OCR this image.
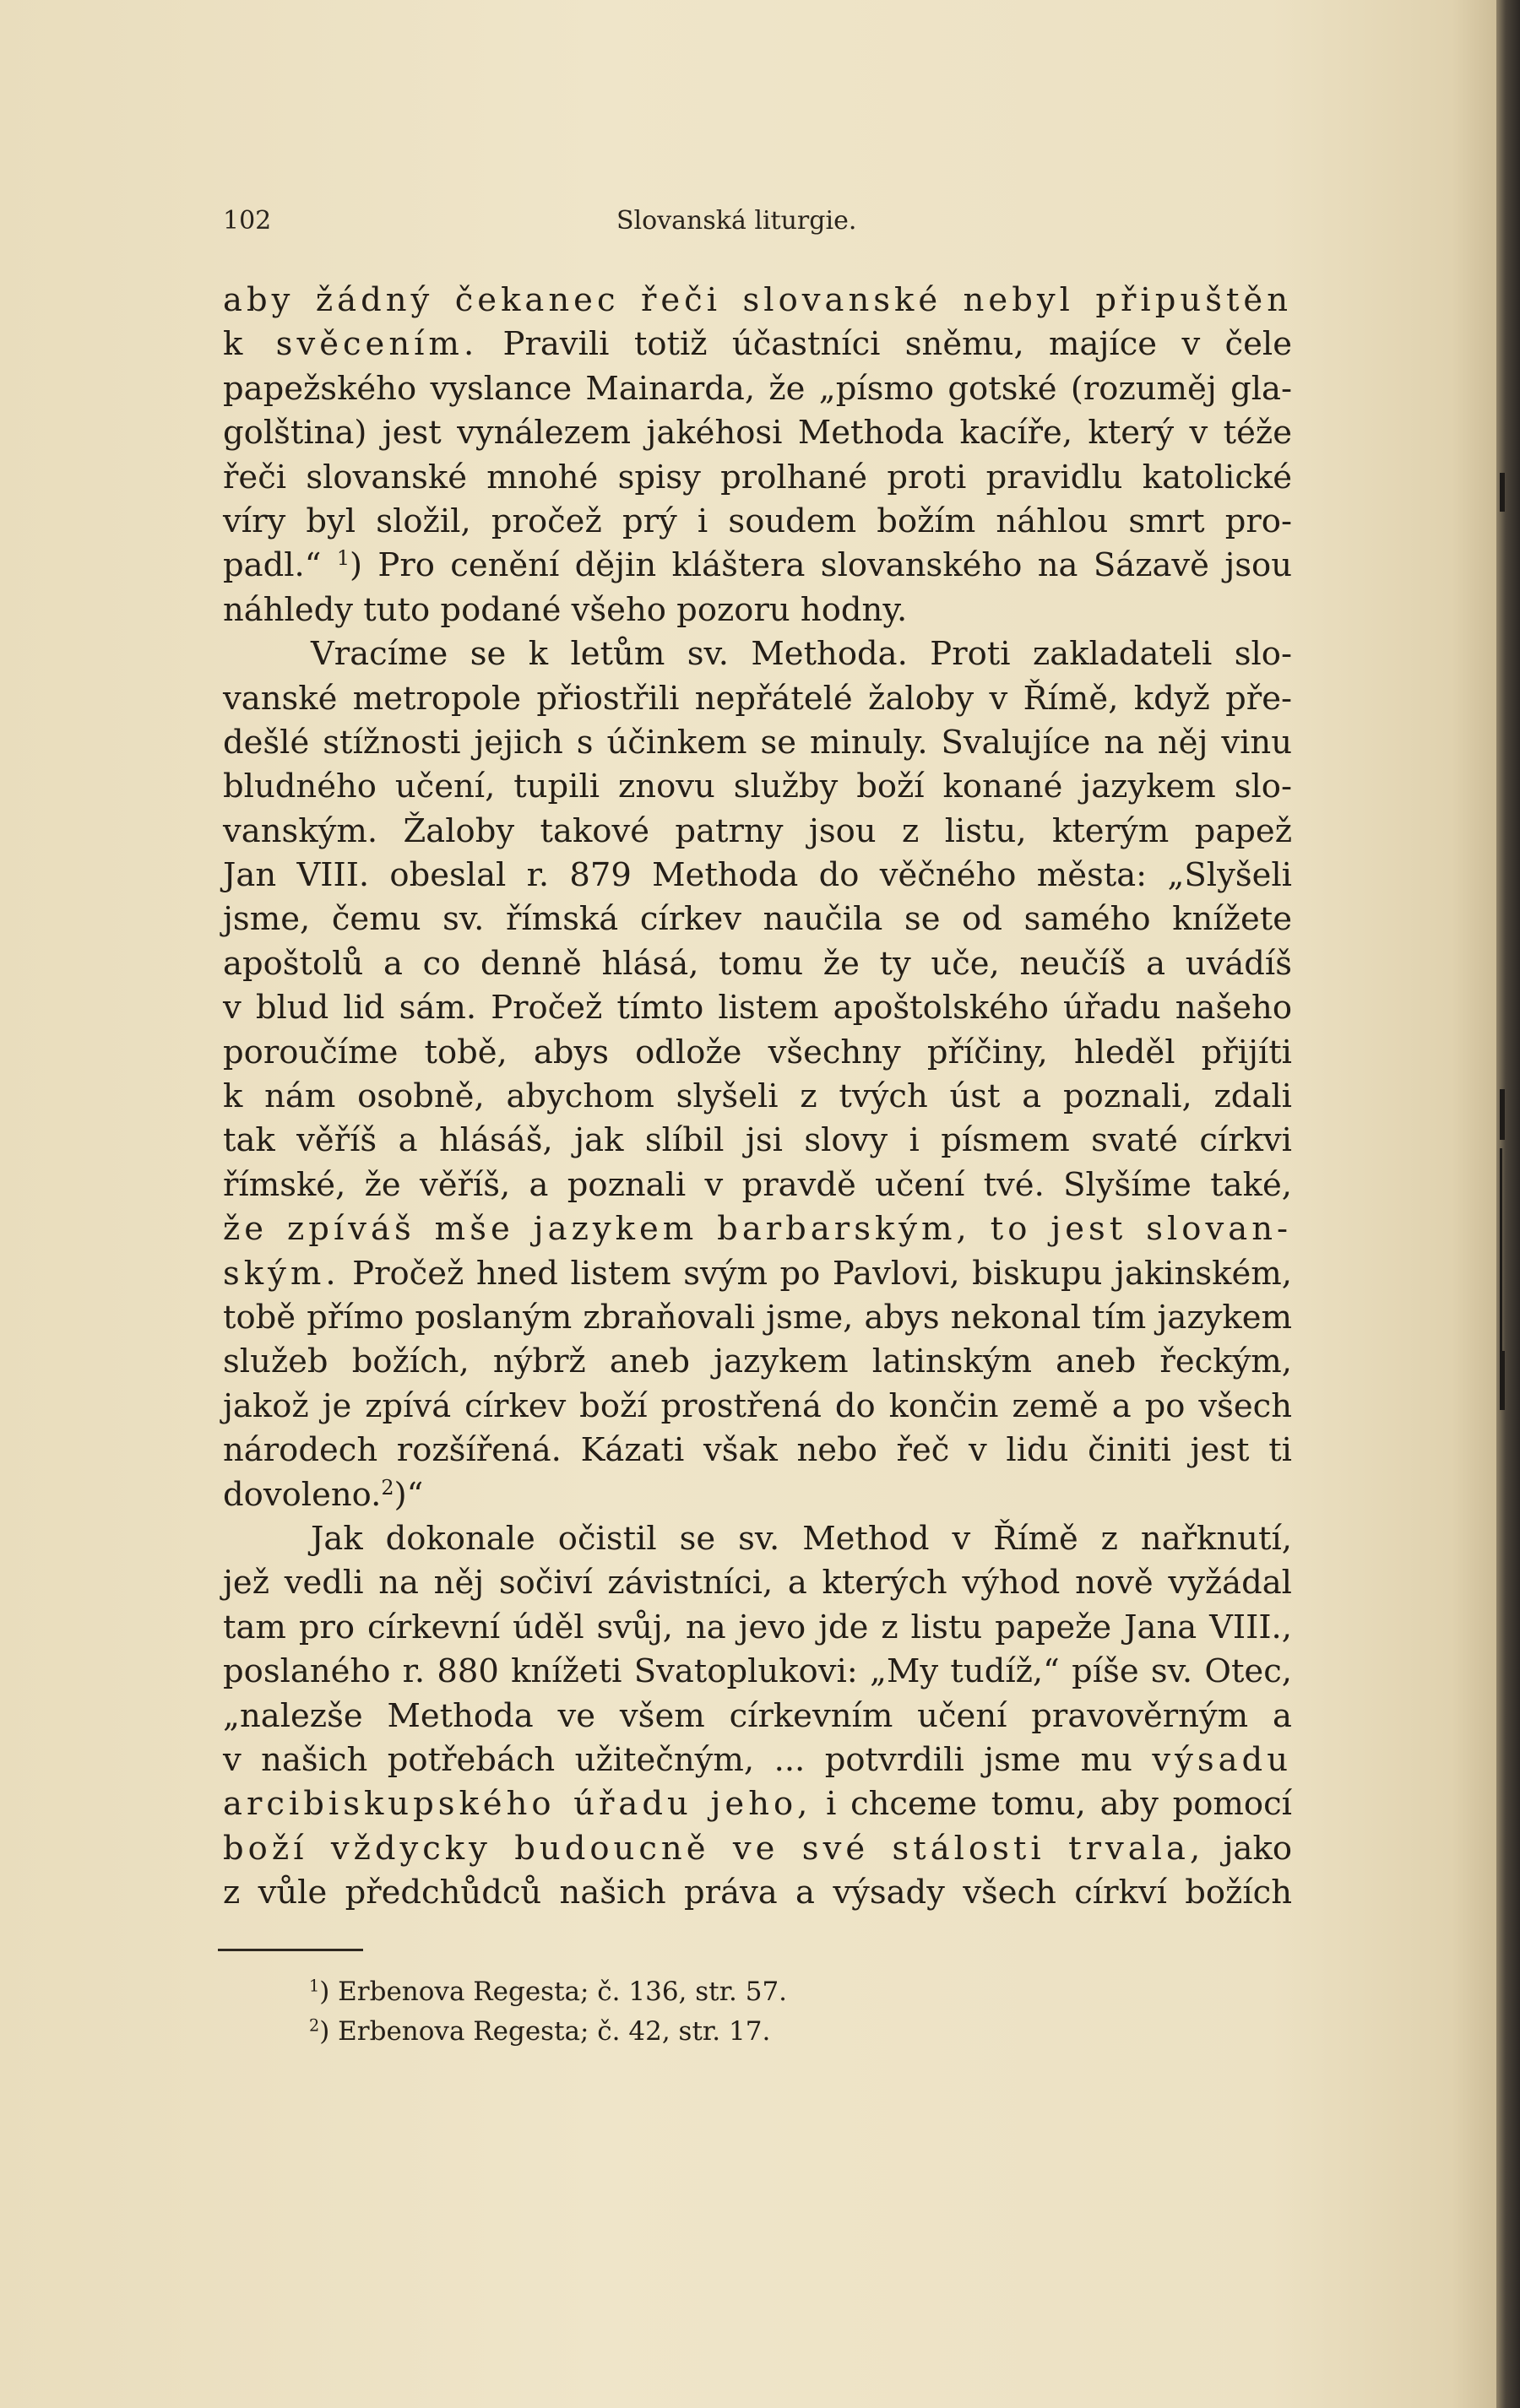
102	Slovanská liturgie.
aby žádný čekanec řeči slovanské nebyl připuštěn
k svěcením. Pravili totiž účastníci sněmu, majíce v čele
papežského vyslance Mainarda, že „písmo gotské (rozuměj gla-
golština) jest vynálezem jakéhosi Methoda kacíře, který v téže
řeči slovanské mnohé spisy prolhané proti pravidlu katolické
víry byl složil, pročež prý i soudem božím náhlou smrt pro-
padl.“ $^1$) Pro cenění dějin kláštera slovanského na Sázavě jsou
náhledy tuto podané všeho pozoru hodny.
Vracíme se k letům sv. Methoda. Proti zakladateli slo-
vanské metropole přiostřili nepřátelé žaloby v Římě, když pře-
dešlé stížnosti jejich s účinkem se minuly. Svalujíce na něj vinu
bludného učení, tupili znovu služby boží konané jazykem slo-
vanským. Žaloby takové patrny jsou z listu, kterým papež
Jan VIII. obeslal r. 879 Methoda do věčného města: „Slyšeli
jsme, čemu sv. římská církev naučila se od samého knížete
apoštolů a co denně hlásá, tomu že ty uče, neučíš a uvádíš
v blud lid sám. Pročež tímto listem apoštolského úřadu našeho
poroučíme tobě, abys odlože všechny příčiny, hleděl přijíti
k nám osobně, abychom slyšeli z tvých úst a poznali, zdali
tak věříš a hlásáš, jak slíbil jsi slovy i písmem svaté církvi
římské, že věříš, a poznali v pravdě učení tvé. Slyšíme také,
že zpíváš mše jazykem barbarským, to jest slovan-
ským. Pročež hned listem svým po Pavlovi, biskupu jakinském,
tobě přímo poslaným zbraňovali jsme, abys nekonal tím jazykem
služeb božích, nýbrž aneb jazykem latinským aneb řeckým,
jakož je zpívá církev boží prostřená do končin země a po všech
národech rozšířená. Kázati však nebo řeč v lidu činiti jest ti
dovoleno.$^2$)“
Jak dokonale očistil se sv. Method v Římě z nařknutí,
jež vedli na něj sočiví závistníci, a kterých výhod nově vyžádal
tam pro církevní úděl svůj, na jevo jde z listu papeže Jana VIII.,
poslaného r. 880 knížeti Svatoplukovi: „My tudíž,“ píše sv. Otec,
„nalezše Methoda ve všem církevním učení pravověrným a
v našich potřebách užitečným, ... potvrdili jsme mu výsadu
arcibiskupského úřadu jeho, i chceme tomu, aby pomocí
boží vždycky budoucně ve své stálosti trvala, jako
z vůle předchůdců našich práva a výsady všech církví božích
$^1$) Erbenova Regesta; č. 136, str. 57.
$^2$) Erbenova Regesta; č. 42, str. 17.
